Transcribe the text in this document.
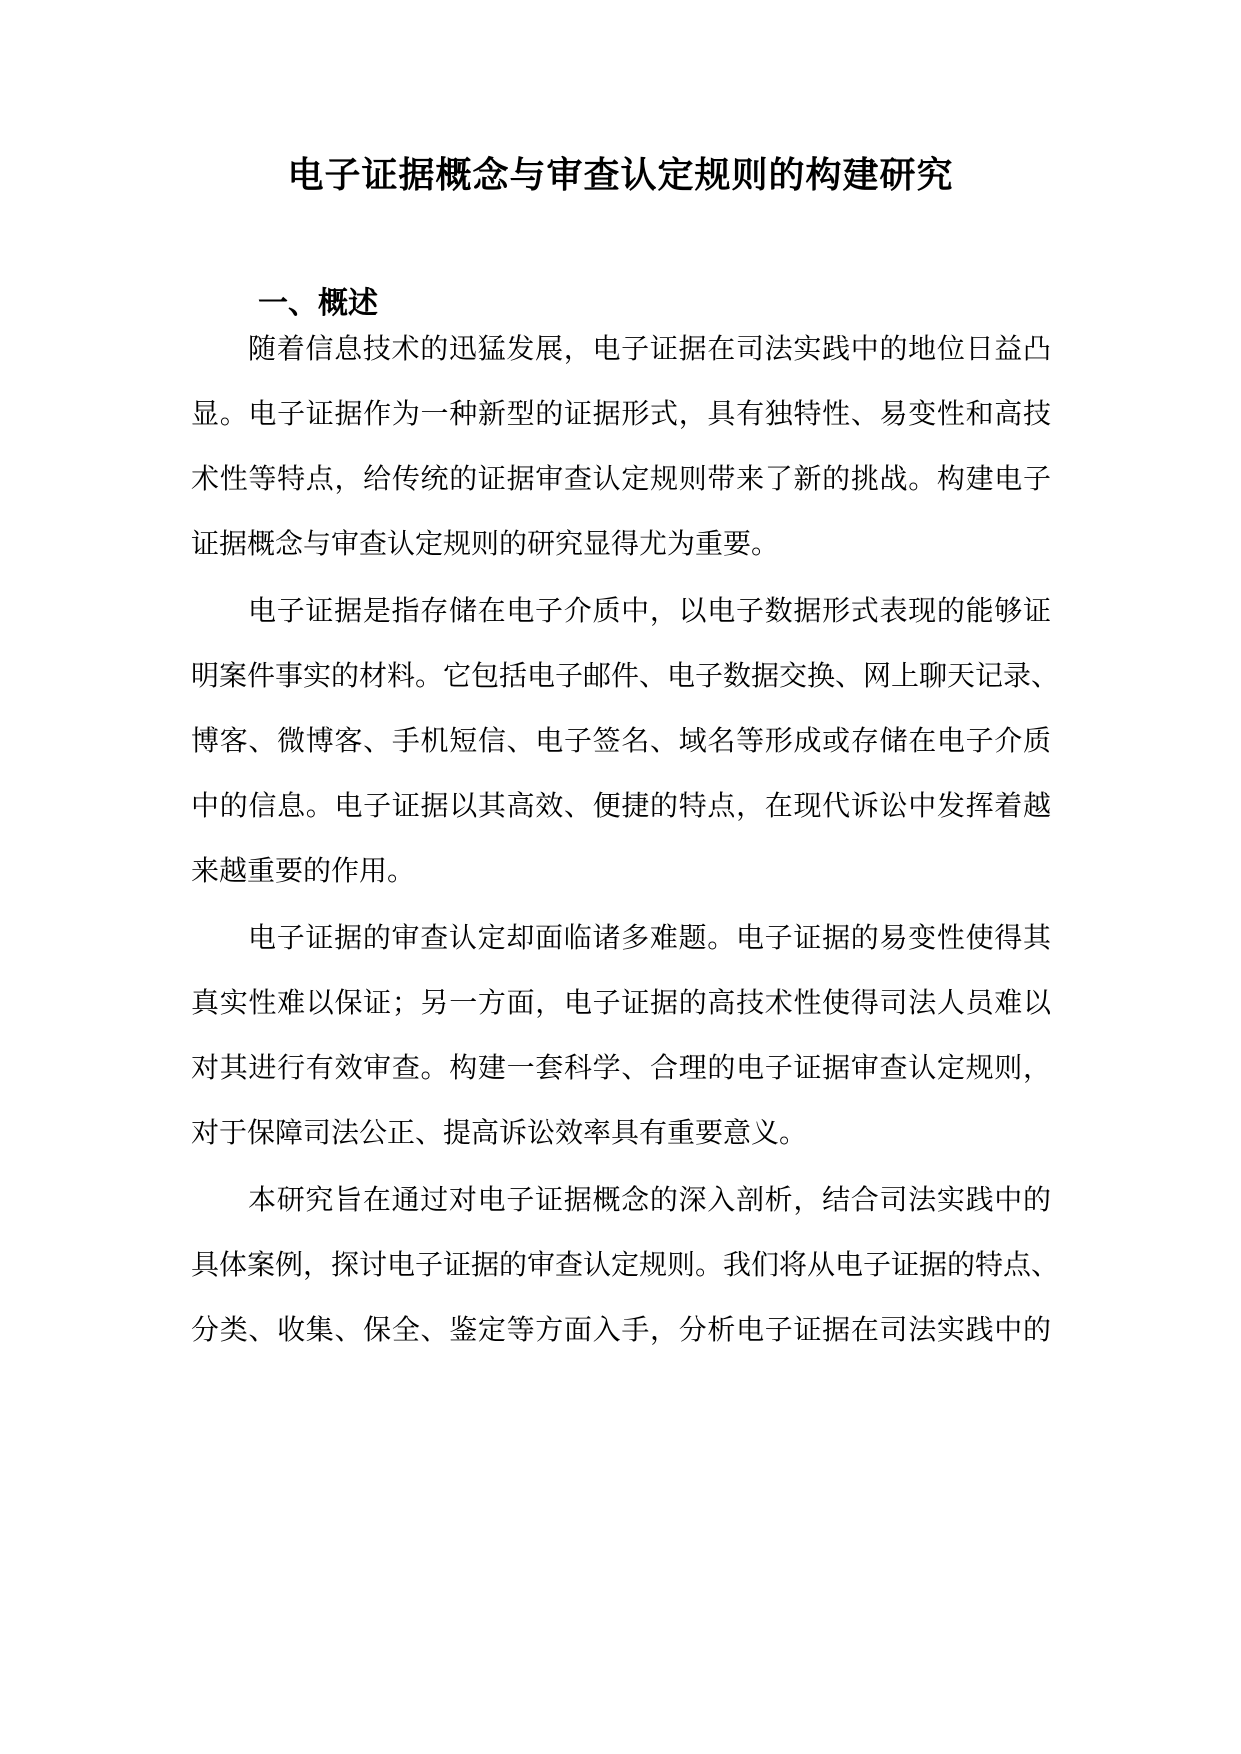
电子证据概念与审查认定规则的构建研究
一、概述
随着信息技术的迅猛发展，电子证据在司法实践中的地位日益凸
显。电子证据作为一种新型的证据形式，具有独特性、易变性和高技
术性等特点，给传统的证据审查认定规则带来了新的挑战。构建电子
证据概念与审查认定规则的研究显得尤为重要。
电子证据是指存储在电子介质中，以电子数据形式表现的能够证
明案件事实的材料。它包括电子邮件、电子数据交换、网上聊天记录、
博客、微博客、手机短信、电子签名、域名等形成或存储在电子介质
中的信息。电子证据以其高效、便捷的特点，在现代诉讼中发挥着越
来越重要的作用。
电子证据的审查认定却面临诸多难题。电子证据的易变性使得其
真实性难以保证；另一方面，电子证据的高技术性使得司法人员难以
对其进行有效审查。构建一套科学、合理的电子证据审查认定规则，
对于保障司法公正、提高诉讼效率具有重要意义。
本研究旨在通过对电子证据概念的深入剖析，结合司法实践中的
具体案例，探讨电子证据的审查认定规则。我们将从电子证据的特点、
分类、收集、保全、鉴定等方面入手，分析电子证据在司法实践中的
